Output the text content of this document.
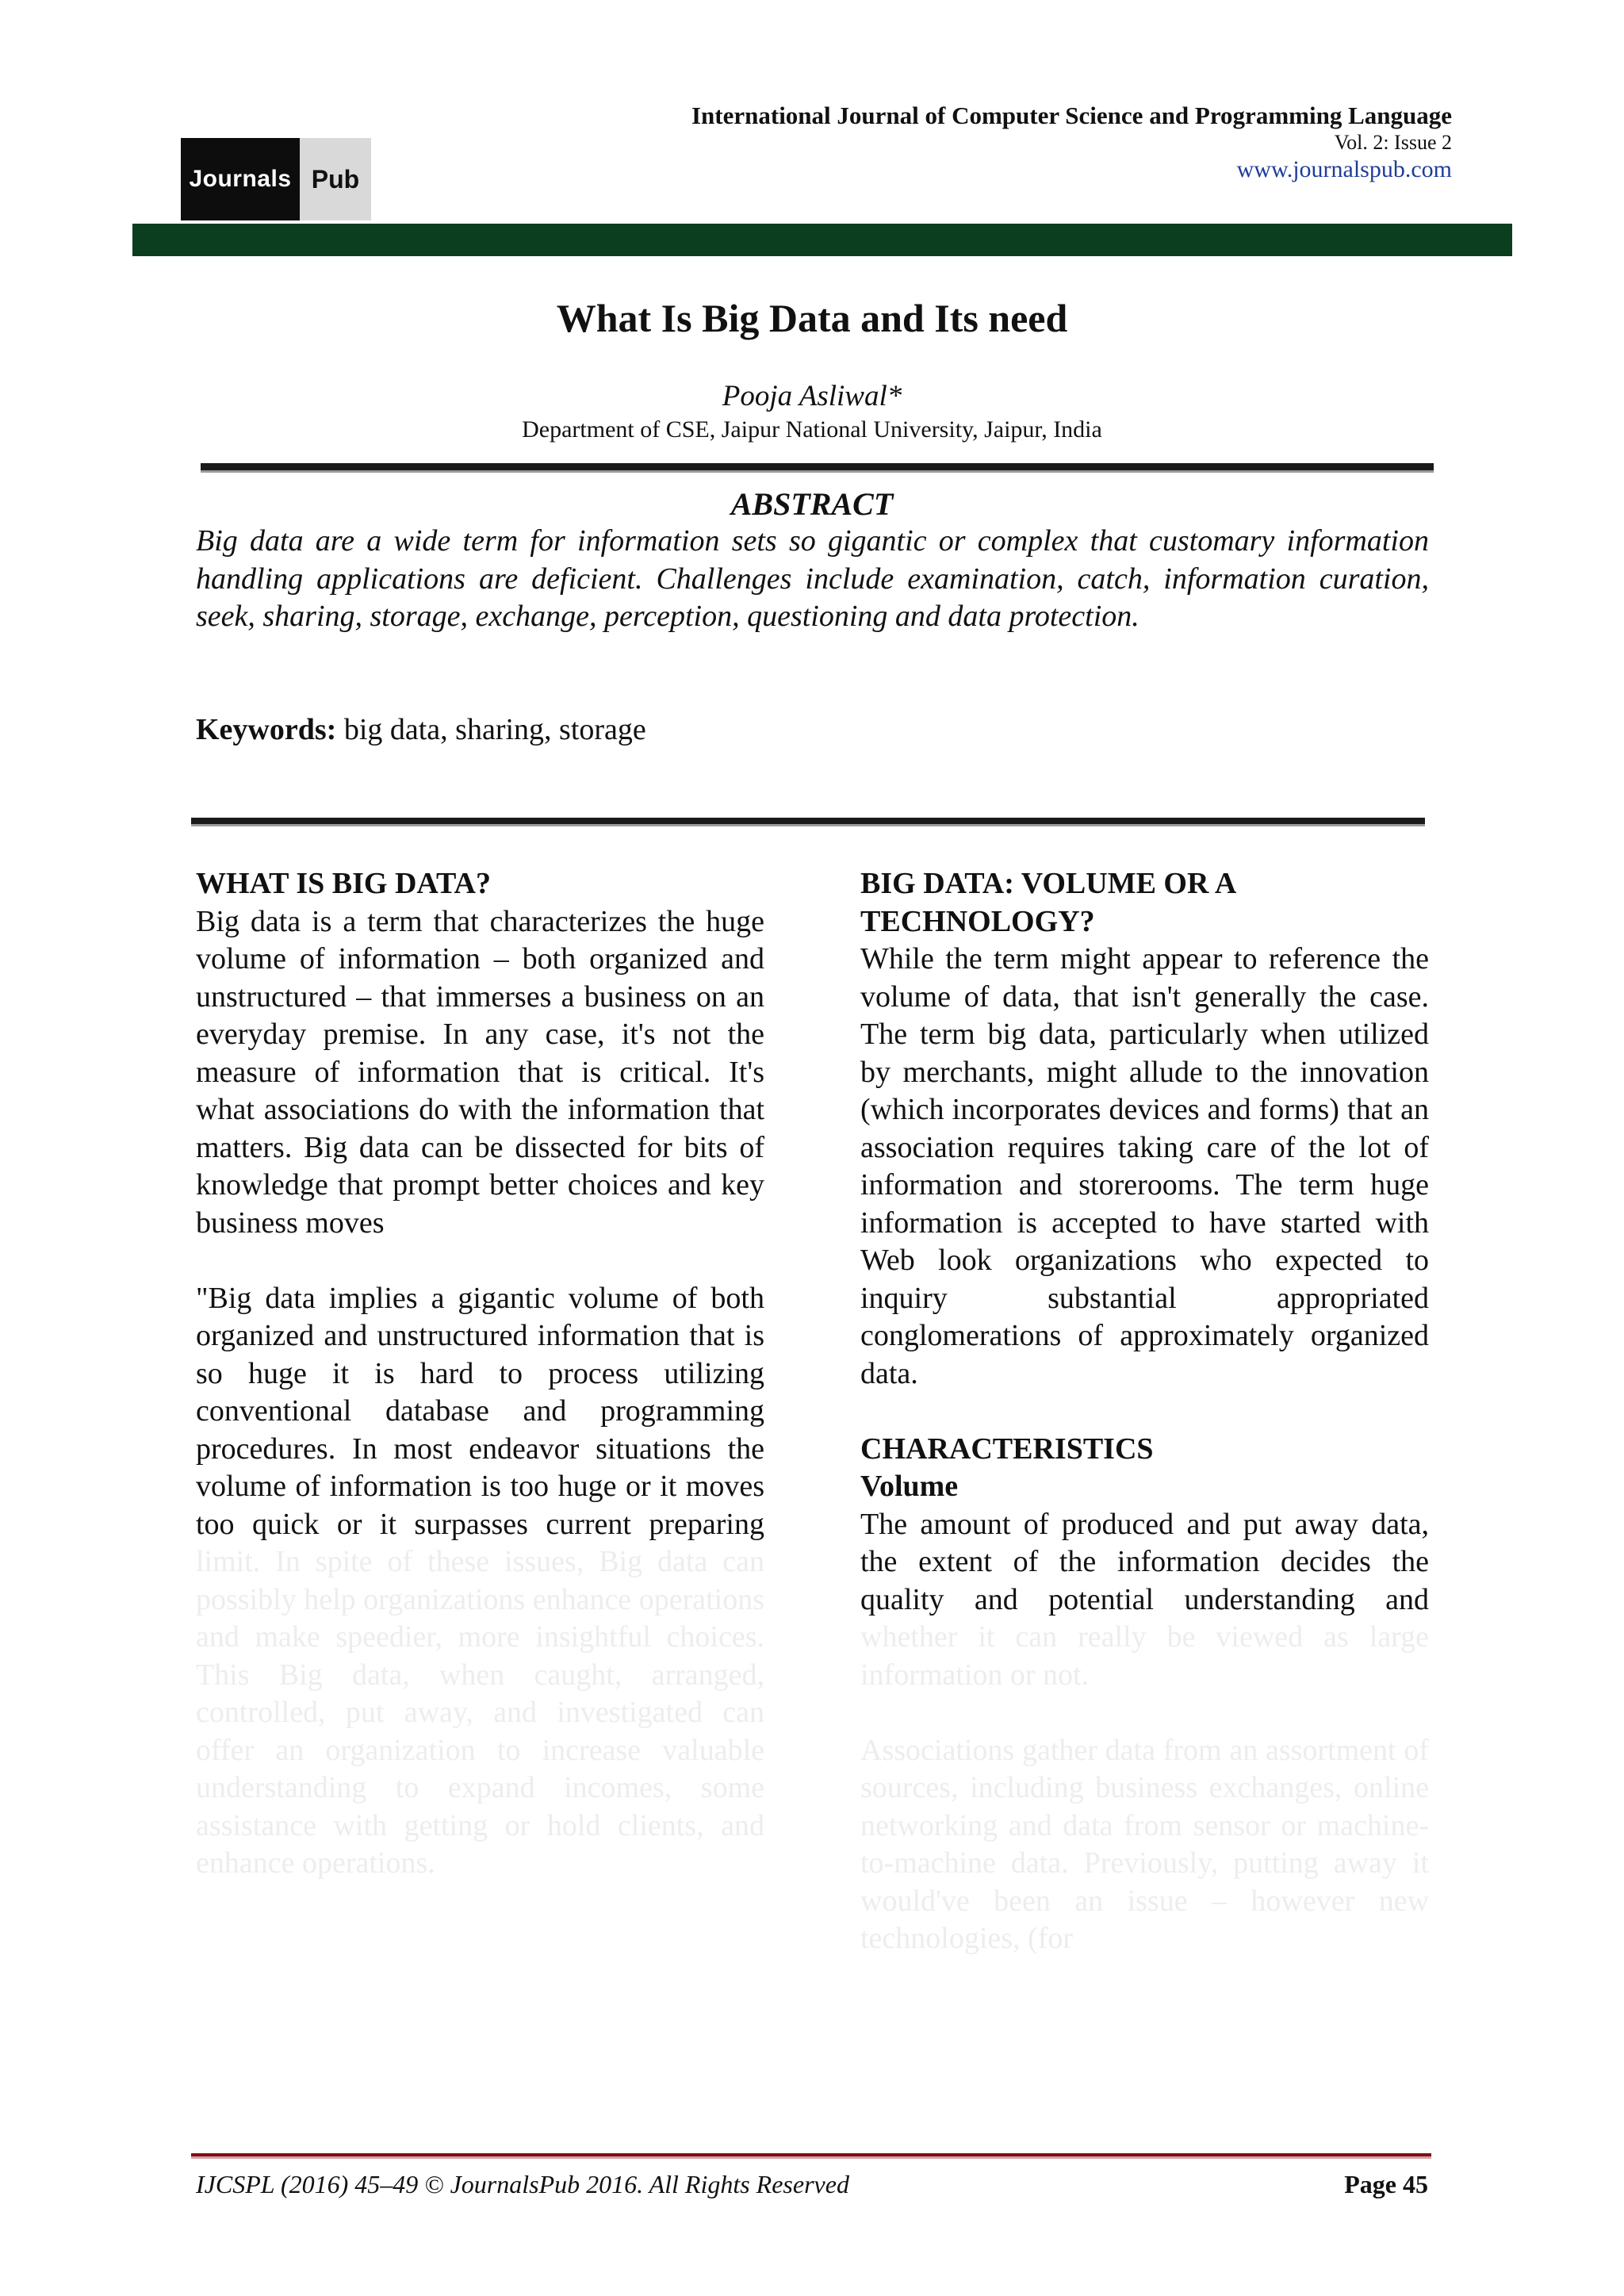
International Journal of Computer Science and Programming Language
Vol. 2: Issue 2
www.journalspub.com
Journals Pub
What Is Big Data and Its need
Pooja Asliwal*
Department of CSE, Jaipur National University, Jaipur, India
ABSTRACT
Big data are a wide term for information sets so gigantic or complex that customary information handling applications are deficient. Challenges include examination, catch, information curation, seek, sharing, storage, exchange, perception, questioning and data protection.
Keywords: big data, sharing, storage
WHAT IS BIG DATA?

Big data is a term that characterizes the huge volume of information – both organized and unstructured – that immerses a business on an everyday premise. In any case, it's not the measure of information that is critical. It's what associations do with the information that matters. Big data can be dissected for bits of knowledge that prompt better choices and key business moves

"Big data implies a gigantic volume of both organized and unstructured information that is so huge it is hard to process utilizing conventional database and programming procedures. In most endeavor situations the volume of information is too huge or it moves too quick or it surpasses current preparing limit. In spite of these issues, Big data can possibly help organizations enhance operations and make speedier, more insightful choices. This Big data, when caught, arranged, controlled, put away, and investigated can offer an organization to increase valuable understanding to expand incomes, some assistance with getting or hold clients, and enhance operations.

BIG DATA: VOLUME OR A TECHNOLOGY?

While the term might appear to reference the volume of data, that isn't generally the case. The term big data, particularly when utilized by merchants, might allude to the innovation (which incorporates devices and forms) that an association requires taking care of the lot of information and storerooms. The term huge information is accepted to have started with Web look organizations who expected to inquiry substantial appropriated conglomerations of approximately organized data.

CHARACTERISTICS
Volume

The amount of produced and put away data, the extent of the information decides the quality and potential understanding and whether it can really be viewed as large information or not.

Associations gather data from an assortment of sources, including business exchanges, online networking and data from sensor or machine-to-machine data. Previously, putting away it would've been an issue – however new technologies, (for

IJCSPL (2016) 45–49 © JournalsPub 2016. All Rights Reserved	Page 45
